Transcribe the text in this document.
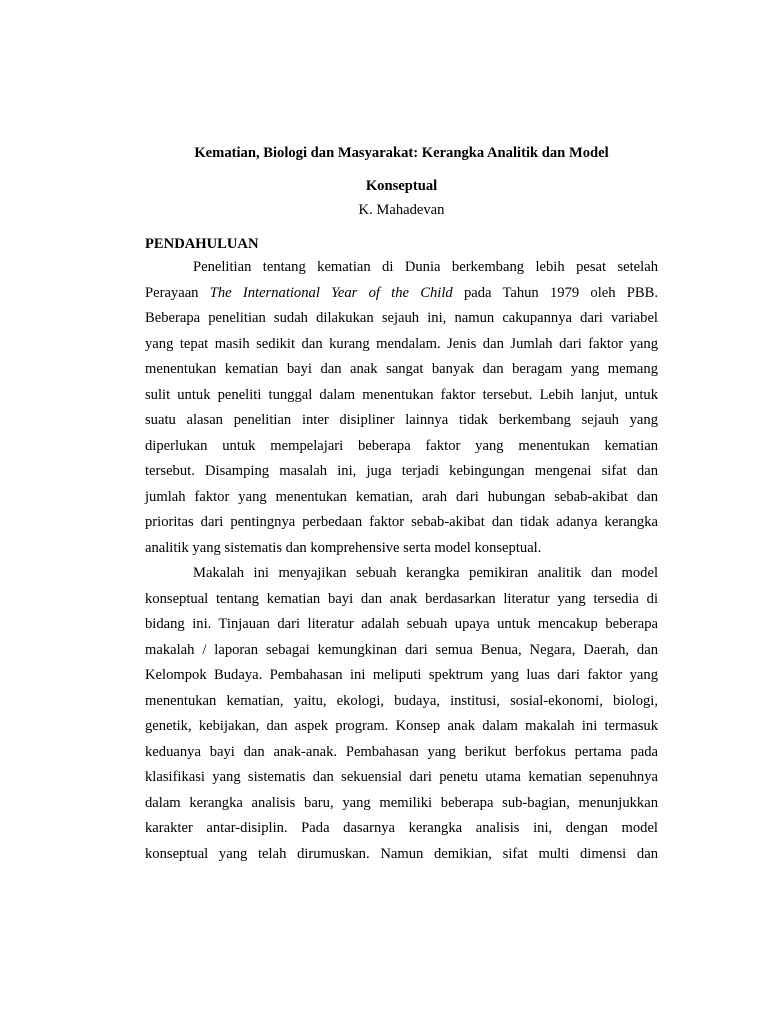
Kematian, Biologi dan Masyarakat: Kerangka Analitik dan Model
Konseptual
K. Mahadevan
PENDAHULUAN
Penelitian tentang kematian di Dunia berkembang lebih pesat setelah
Perayaan The International Year of the Child pada Tahun 1979 oleh PBB.
Beberapa penelitian sudah dilakukan sejauh ini, namun cakupannya dari variabel
yang tepat masih sedikit dan kurang mendalam. Jenis dan Jumlah dari faktor yang
menentukan kematian bayi dan anak sangat banyak dan beragam yang memang
sulit untuk peneliti tunggal dalam menentukan faktor tersebut. Lebih lanjut, untuk
suatu alasan penelitian inter disipliner lainnya tidak berkembang sejauh yang
diperlukan untuk mempelajari beberapa faktor yang menentukan kematian
tersebut. Disamping masalah ini, juga terjadi kebingungan mengenai sifat dan
jumlah faktor yang menentukan kematian, arah dari hubungan sebab-akibat dan
prioritas dari pentingnya perbedaan faktor sebab-akibat dan tidak adanya kerangka
analitik yang sistematis dan komprehensive serta model konseptual.
Makalah ini menyajikan sebuah kerangka pemikiran analitik dan model
konseptual tentang kematian bayi dan anak berdasarkan literatur yang tersedia di
bidang ini. Tinjauan dari literatur adalah sebuah upaya untuk mencakup beberapa
makalah / laporan sebagai kemungkinan dari semua Benua, Negara, Daerah, dan
Kelompok Budaya. Pembahasan ini meliputi spektrum yang luas dari faktor yang
menentukan kematian, yaitu, ekologi, budaya, institusi, sosial-ekonomi, biologi,
genetik, kebijakan, dan aspek program. Konsep anak dalam makalah ini termasuk
keduanya bayi dan anak-anak. Pembahasan yang berikut berfokus pertama pada
klasifikasi yang sistematis dan sekuensial dari penetu utama kematian sepenuhnya
dalam kerangka analisis baru, yang memiliki beberapa sub-bagian, menunjukkan
karakter antar-disiplin. Pada dasarnya kerangka analisis ini, dengan model
konseptual yang telah dirumuskan. Namun demikian, sifat multi dimensi dan
